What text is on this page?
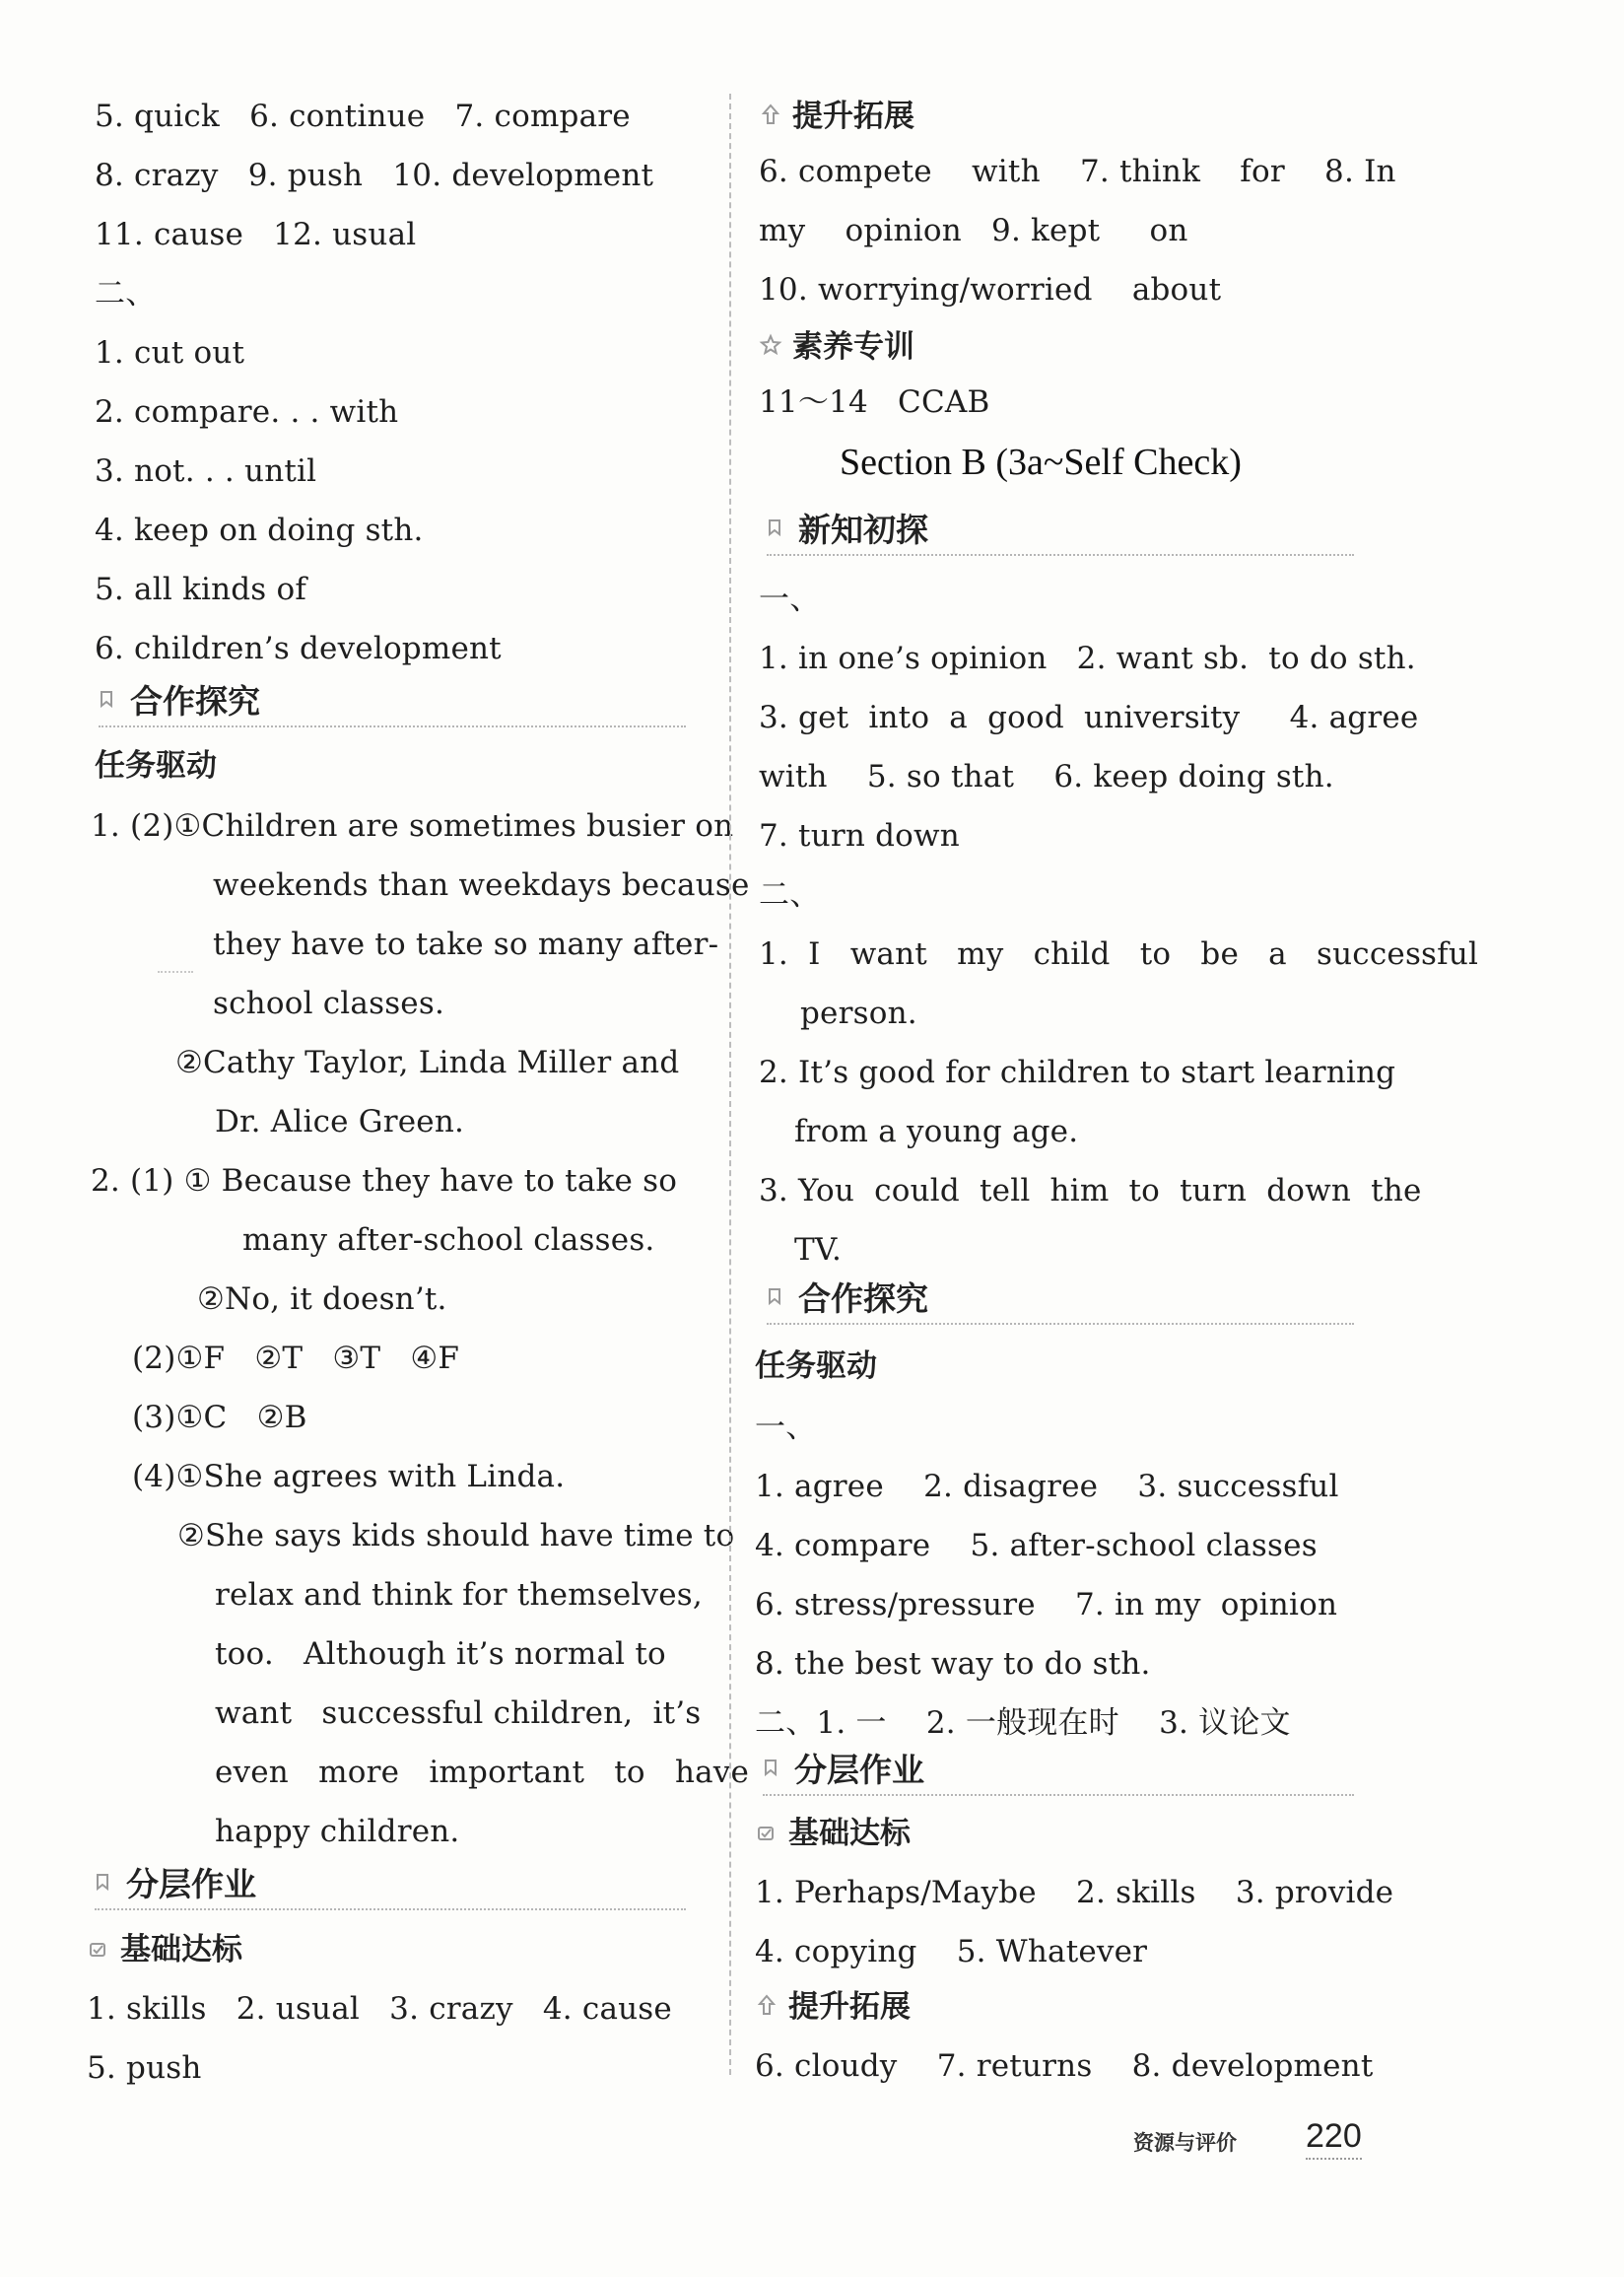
5. quick   6. continue   7. compare
8. crazy   9. push   10. development
11. cause   12. usual
二、
1. cut out
2. compare. . . with
3. not. . . until
4. keep on doing sth.
5. all kinds of
6. children’s development
合作探究
任务驱动
1. (2)①Children are sometimes busier on
weekends than weekdays because
they have to take so many after-
school classes.
②Cathy Taylor, Linda Miller and
Dr. Alice Green.
2. (1) ① Because they have to take so
many after-school classes.
②No, it doesn’t.
(2)①F   ②T   ③T   ④F
(3)①C   ②B
(4)①She agrees with Linda.
②She says kids should have time to
relax and think for themselves,
too.   Although it’s normal to
want   successful children,  it’s
even   more   important   to   have
happy children.
分层作业
基础达标
1. skills   2. usual   3. crazy   4. cause
5. push
提升拓展
6. compete    with    7. think    for    8. In
my    opinion   9. kept     on
10. worrying/worried    about
素养专训
11～14   CCAB
Section B (3a~Self Check)
新知初探
一、
1. in one’s opinion   2. want sb.  to do sth.
3. get  into  a  good  university     4. agree
with    5. so that    6. keep doing sth.
7. turn down
二、
1.  I   want   my   child   to   be   a   successful
person.
2. It’s good for children to start learning
from a young age.
3. You  could  tell  him  to  turn  down  the
TV.
合作探究
任务驱动
一、
1. agree    2. disagree    3. successful
4. compare    5. after-school classes
6. stress/pressure    7. in my  opinion
8. the best way to do sth.
二、1. 一    2. 一般现在时    3. 议论文
分层作业
基础达标
1. Perhaps/Maybe    2. skills    3. provide
4. copying    5. Whatever
提升拓展
6. cloudy    7. returns    8. development
资源与评价 220
